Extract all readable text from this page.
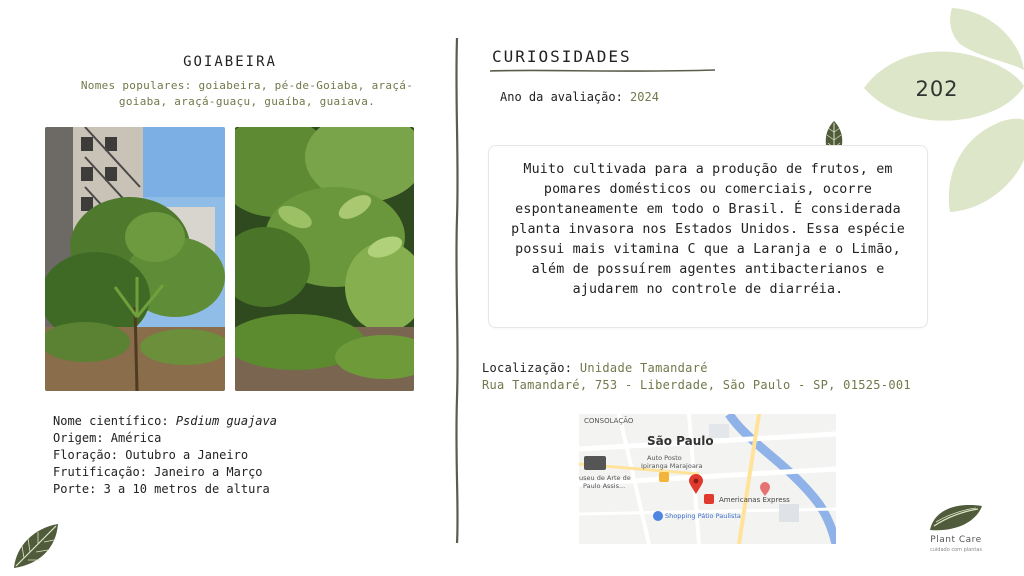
202
GOIABEIRA
Nomes populares: goiabeira, pé-de-Goiaba, araçá-goiaba, araçá-guaçu, guaíba, guaiava.
Nome científico: Psdium guajava
Origem: América
Floração: Outubro a Janeiro
Frutificação: Janeiro a Março
Porte: 3 a 10 metros de altura
CURIOSIDADES
Ano da avaliação: 2024
Muito cultivada para a produção de frutos, em pomares domésticos ou comerciais, ocorre espontaneamente em todo o Brasil. É considerada planta invasora nos Estados Unidos. Essa espécie possui mais vitamina C que a Laranja e o Limão, além de possuírem agentes antibacterianos e ajudarem no controle de diarréia.
Localização: Unidade Tamandaré
Rua Tamandaré, 753 - Liberdade, São Paulo - SP, 01525-001
CONSOLAÇÃO
São Paulo
Auto Posto
Ipiranga Marajoara
useu de Arte de
Paulo Assis...
Americanas Express
Shopping Pátio Paulista
Plant Care
cuidado com plantas
